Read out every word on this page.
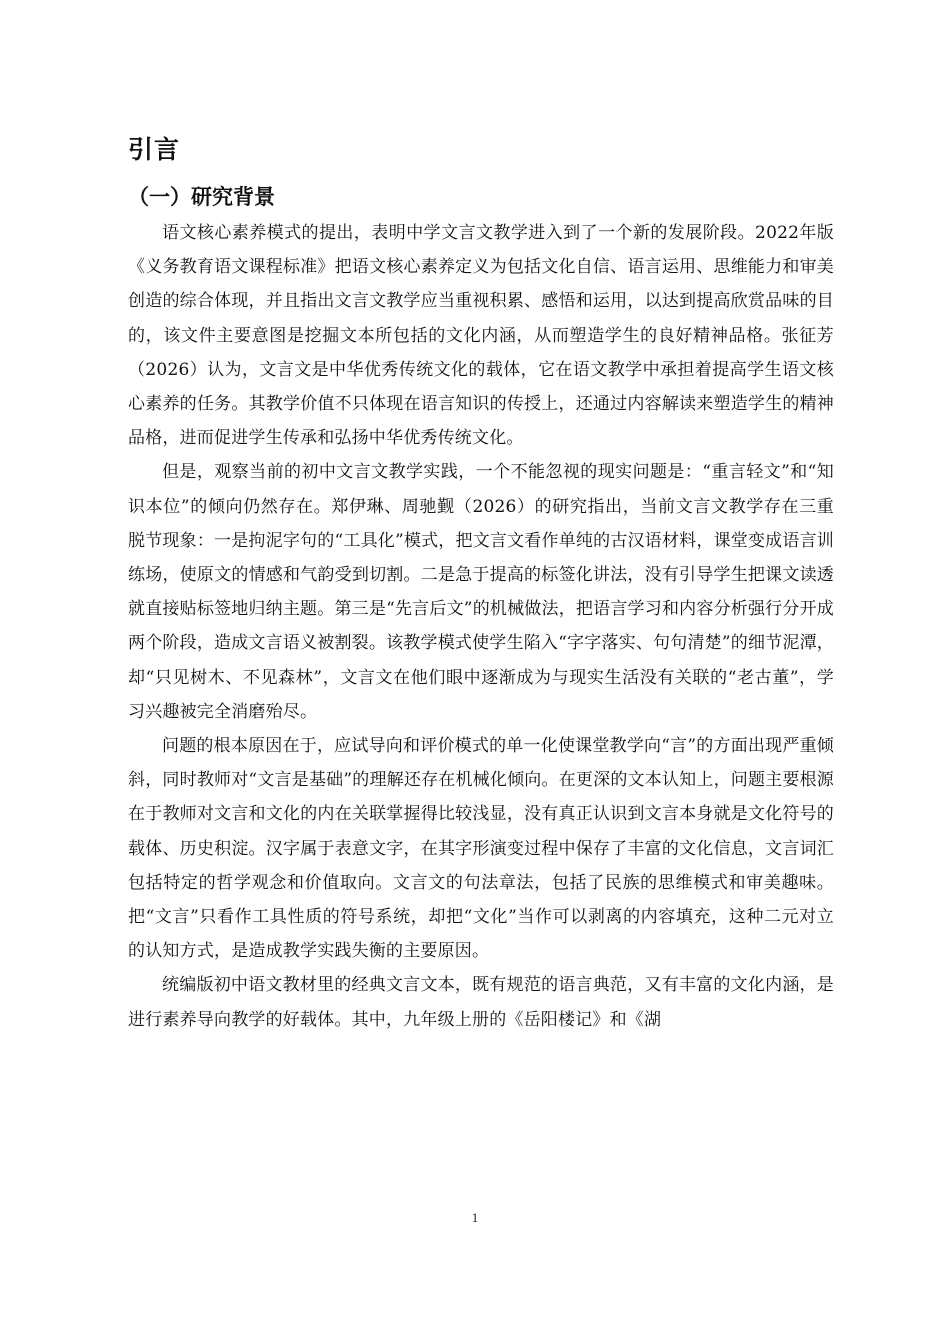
引言
（一）研究背景

语文核心素养模式的提出，表明中学文言文教学进入到了一个新的发展阶段。2022年版《义务教育语文课程标准》把语文核心素养定义为包括文化自信、语言运用、思维能力和审美创造的综合体现，并且指出文言文教学应当重视积累、感悟和运用，以达到提高欣赏品味的目的，该文件主要意图是挖掘文本所包括的文化内涵，从而塑造学生的良好精神品格。张征芳（2026）认为，文言文是中华优秀传统文化的载体，它在语文教学中承担着提高学生语文核心素养的任务。其教学价值不只体现在语言知识的传授上，还通过内容解读来塑造学生的精神品格，进而促进学生传承和弘扬中华优秀传统文化。

但是，观察当前的初中文言文教学实践，一个不能忽视的现实问题是：“重言轻文”和“知识本位”的倾向仍然存在。郑伊琳、周驰觐（2026）的研究指出，当前文言文教学存在三重脱节现象：一是拘泥字句的“工具化”模式，把文言文看作单纯的古汉语材料，课堂变成语言训练场，使原文的情感和气韵受到切割。二是急于提高的标签化讲法，没有引导学生把课文读透就直接贴标签地归纳主题。第三是“先言后文”的机械做法，把语言学习和内容分析强行分开成两个阶段，造成文言语义被割裂。该教学模式使学生陷入“字字落实、句句清楚”的细节泥潭，却“只见树木、不见森林”，文言文在他们眼中逐渐成为与现实生活没有关联的“老古董”，学习兴趣被完全消磨殆尽。

问题的根本原因在于，应试导向和评价模式的单一化使课堂教学向“言”的方面出现严重倾斜，同时教师对“文言是基础”的理解还存在机械化倾向。在更深的文本认知上，问题主要根源在于教师对文言和文化的内在关联掌握得比较浅显，没有真正认识到文言本身就是文化符号的载体、历史积淀。汉字属于表意文字，在其字形演变过程中保存了丰富的文化信息，文言词汇包括特定的哲学观念和价值取向。文言文的句法章法，包括了民族的思维模式和审美趣味。把“文言”只看作工具性质的符号系统，却把“文化”当作可以剥离的内容填充，这种二元对立的认知方式，是造成教学实践失衡的主要原因。

统编版初中语文教材里的经典文言文本，既有规范的语言典范，又有丰富的文化内涵，是进行素养导向教学的好载体。其中，九年级上册的《岳阳楼记》和《湖

1
